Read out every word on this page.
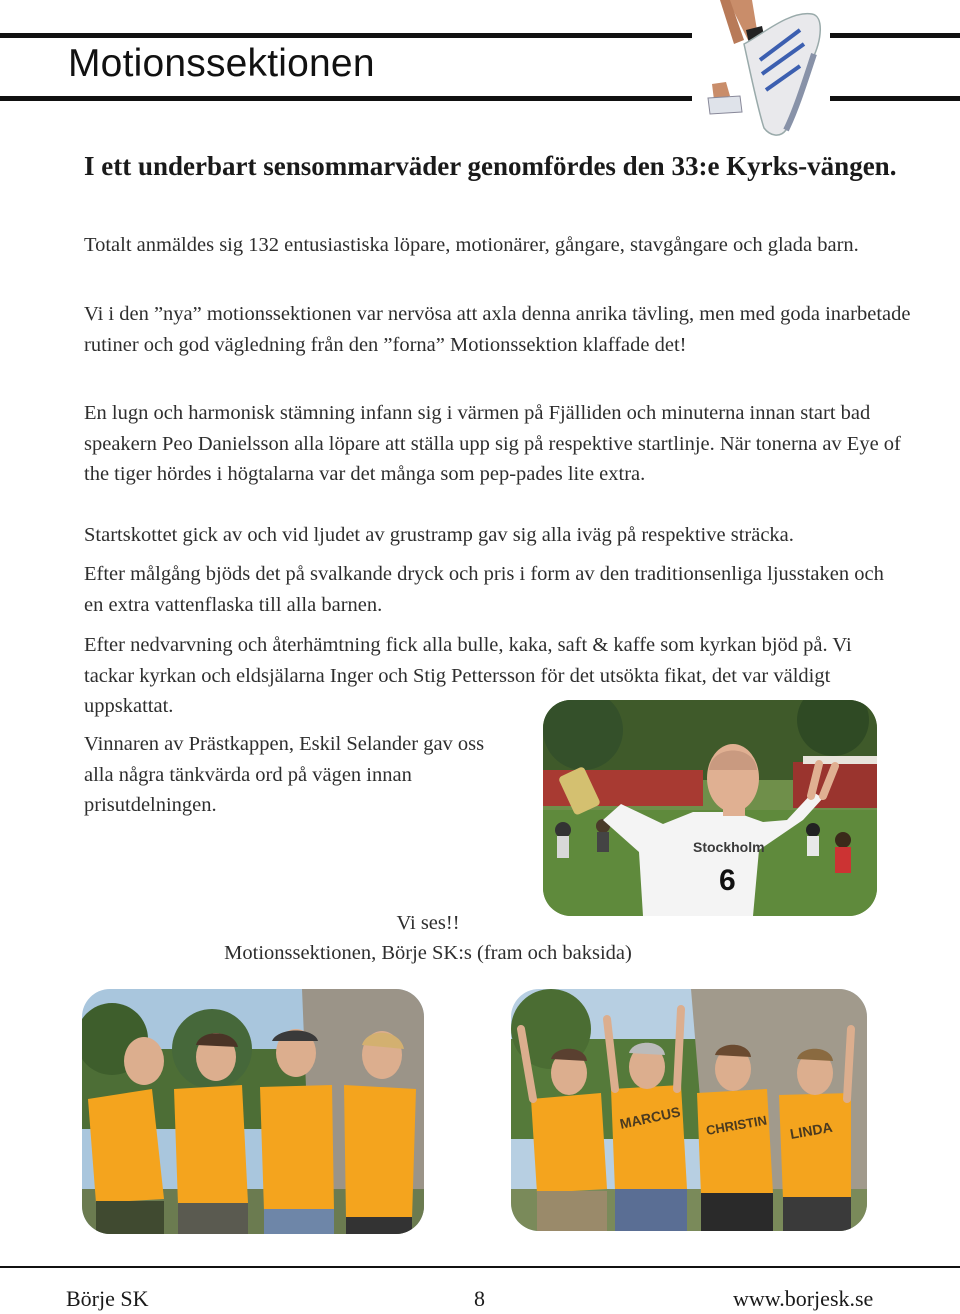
Motionssektionen
I ett underbart sensommarväder genomfördes den 33:e Kyrks-vängen.

Totalt anmäldes sig 132 entusiastiska löpare, motionärer, gångare, stavgångare och glada barn.

Vi i den ”nya” motionssektionen var nervösa att axla denna anrika tävling, men med goda inarbetade rutiner och god vägledning från den ”forna” Motionssektion klaffade det!

En lugn och harmonisk stämning infann sig i värmen på Fjälliden och minuterna innan start bad speakern Peo Danielsson alla löpare att ställa upp sig på respektive startlinje. När tonerna av Eye of the tiger hördes i högtalarna var det många som pep-pades lite extra.

Startskottet gick av och vid ljudet av grustramp gav sig alla iväg på respektive sträcka.

Efter målgång bjöds det på svalkande dryck och pris i form av den traditionsenliga ljusstaken och en extra vattenflaska till alla barnen.

Efter nedvarvning och återhämtning fick alla bulle, kaka, saft & kaffe som kyrkan bjöd på. Vi tackar kyrkan och eldsjälarna Inger och Stig Pettersson för det utsökta fikat, det var väldigt uppskattat.

Vinnaren av Prästkappen, Eskil Selander gav oss alla några tänkvärda ord på vägen innan prisutdelningen.

Stockholm
6

Vi ses!!

Motionssektionen, Börje SK:s (fram och baksida)

MARCUS CHRISTIN LINDA

Börje SK	8	www.borjesk.se
